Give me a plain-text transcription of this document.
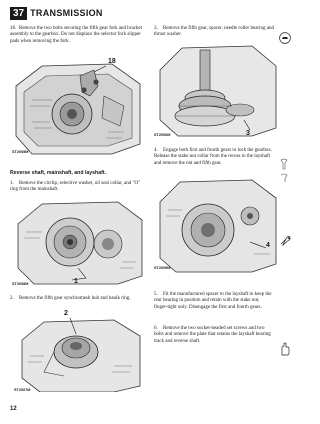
37 TRANSMISSION
18. Remove the two bolts securing the fifth gear fork and bracket assembly to the gearbox. Do not displace the selector fork slipper pads when removing the fork.
18
ST2005M
Reverse shaft, mainshaft, and layshaft.
1. Remove the circlip, selective washer, oil seal collar, and "O" ring from the mainshaft.
1
ST2008M
2. Remove the fifth gear synchromesh hub and baulk ring.
2
ST2007M
3. Remove the fifth gear, spacer, needle roller bearing and thrust washer.
3
ST2006M
4. Engage both first and fourth gears to lock the gearbox. Release the stake nut collar from the recess in the layshaft and remove the nut and fifth gear.
4
ST2009M
5. Fit the manufactured spacer to the layshaft to keep the rear bearing in position and retain with the stake nut, finger-tight only. Disengage the first and fourth gears.
6. Remove the two socket-headed set screws and two bolts and remove the plate that retains the layshaft bearing track and reverse shaft.
12
